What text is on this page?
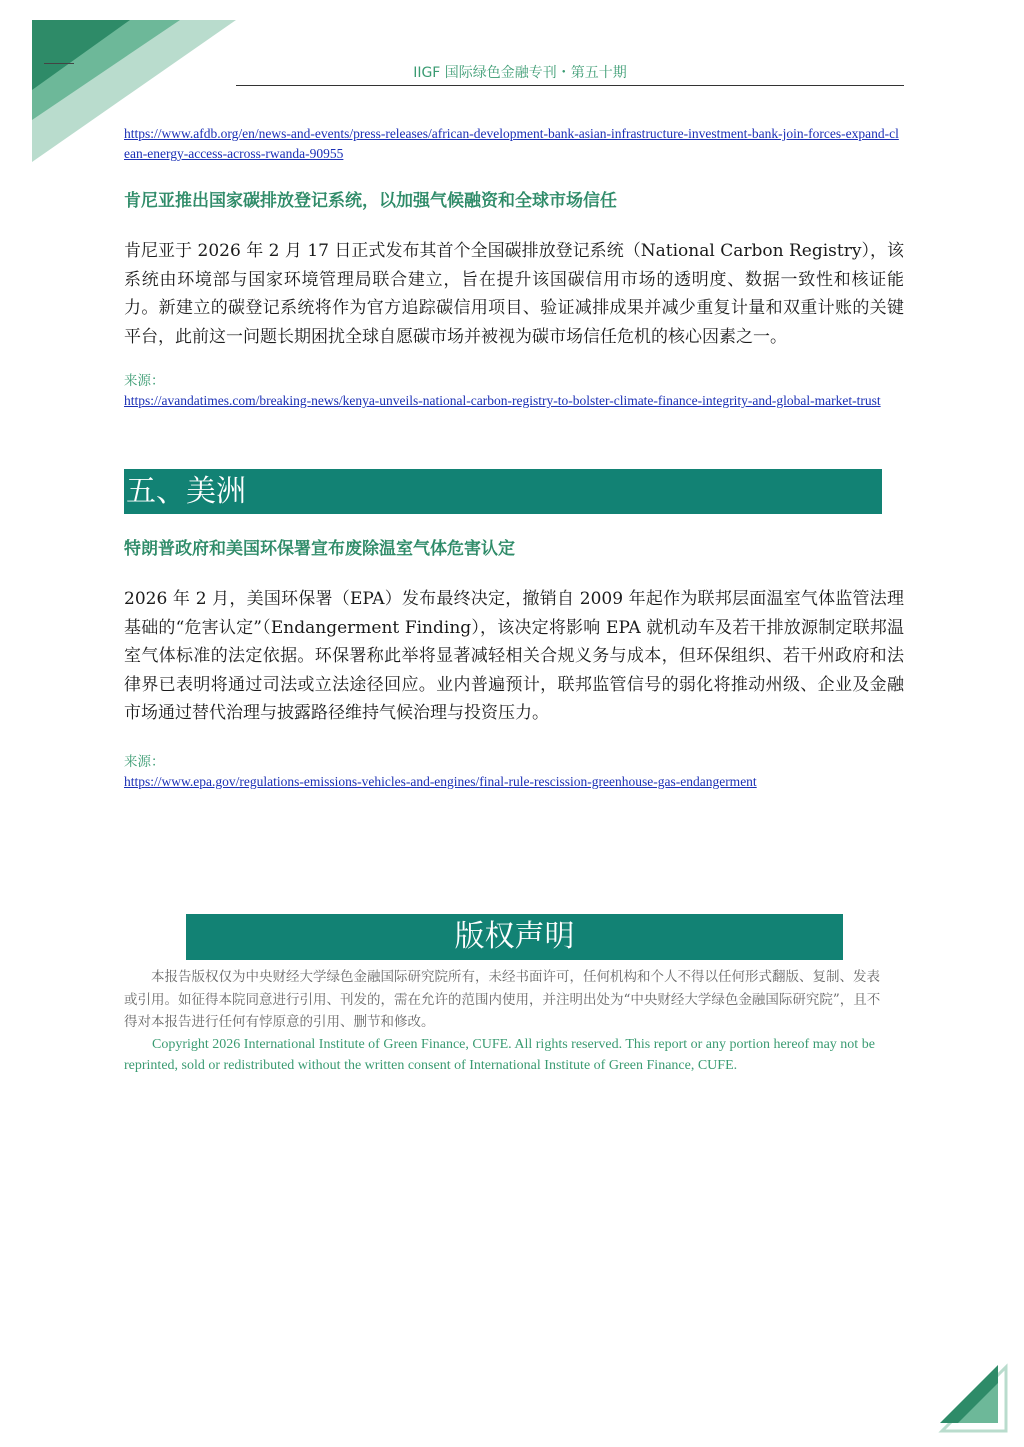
IIGF 国际绿色金融专刊・第五十期
https://www.afdb.org/en/news-and-events/press-releases/african-development-bank-asian-infrastructure-investment-bank-join-forces-expand-clean-energy-access-across-rwanda-90955
肯尼亚推出国家碳排放登记系统，以加强气候融资和全球市场信任

肯尼亚于 2026 年 2 月 17 日正式发布其首个全国碳排放登记系统（National Carbon Registry），该系统由环境部与国家环境管理局联合建立，旨在提升该国碳信用市场的透明度、数据一致性和核证能力。新建立的碳登记系统将作为官方追踪碳信用项目、验证减排成果并减少重复计量和双重计账的关键平台，此前这一问题长期困扰全球自愿碳市场并被视为碳市场信任危机的核心因素之一。

来源：

https://avandatimes.com/breaking-news/kenya-unveils-national-carbon-registry-to-bolster-climate-finance-integrity-and-global-market-trust
五、美洲
特朗普政府和美国环保署宣布废除温室气体危害认定

2026 年 2 月，美国环保署（EPA）发布最终决定，撤销自 2009 年起作为联邦层面温室气体监管法理基础的“危害认定”（Endangerment Finding），该决定将影响 EPA 就机动车及若干排放源制定联邦温室气体标准的法定依据。环保署称此举将显著减轻相关合规义务与成本，但环保组织、若干州政府和法律界已表明将通过司法或立法途径回应。业内普遍预计，联邦监管信号的弱化将推动州级、企业及金融市场通过替代治理与披露路径维持气候治理与投资压力。

来源：

https://www.epa.gov/regulations-emissions-vehicles-and-engines/final-rule-rescission-greenhouse-gas-endangerment
版权声明

本报告版权仅为中央财经大学绿色金融国际研究院所有，未经书面许可，任何机构和个人不得以任何形式翻版、复制、发表或引用。如征得本院同意进行引用、刊发的，需在允许的范围内使用，并注明出处为“中央财经大学绿色金融国际研究院”，且不得对本报告进行任何有悖原意的引用、删节和修改。

Copyright 2026 International Institute of Green Finance, CUFE. All rights reserved. This report or any portion hereof may not be reprinted, sold or redistributed without the written consent of International Institute of Green Finance, CUFE.
